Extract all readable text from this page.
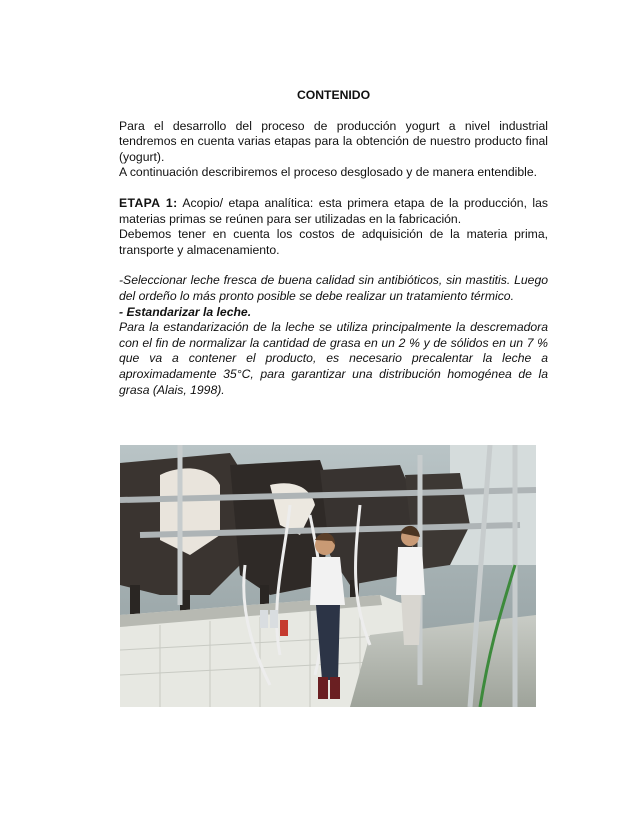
CONTENIDO

Para el desarrollo del proceso de producción yogurt a nivel industrial tendremos en cuenta varias etapas para la obtención de nuestro producto final (yogurt).

A continuación describiremos el proceso desglosado y de manera entendible.

ETAPA 1: Acopio/ etapa analítica: esta primera etapa de la producción, las materias primas se reúnen para ser utilizadas en la fabricación.

Debemos tener en cuenta los costos de adquisición de la materia prima, transporte y almacenamiento.

-Seleccionar leche fresca de buena calidad sin antibióticos, sin mastitis. Luego del ordeño lo más pronto posible se debe realizar un tratamiento térmico.

- Estandarizar la leche.

Para la estandarización de la leche se utiliza principalmente la descremadora con el fin de normalizar la cantidad de grasa en un 2 % y de sólidos en un 7 % que va a contener el producto, es necesario precalentar la leche a aproximadamente 35°C, para garantizar una distribución homogénea de la grasa (Alais, 1998).
